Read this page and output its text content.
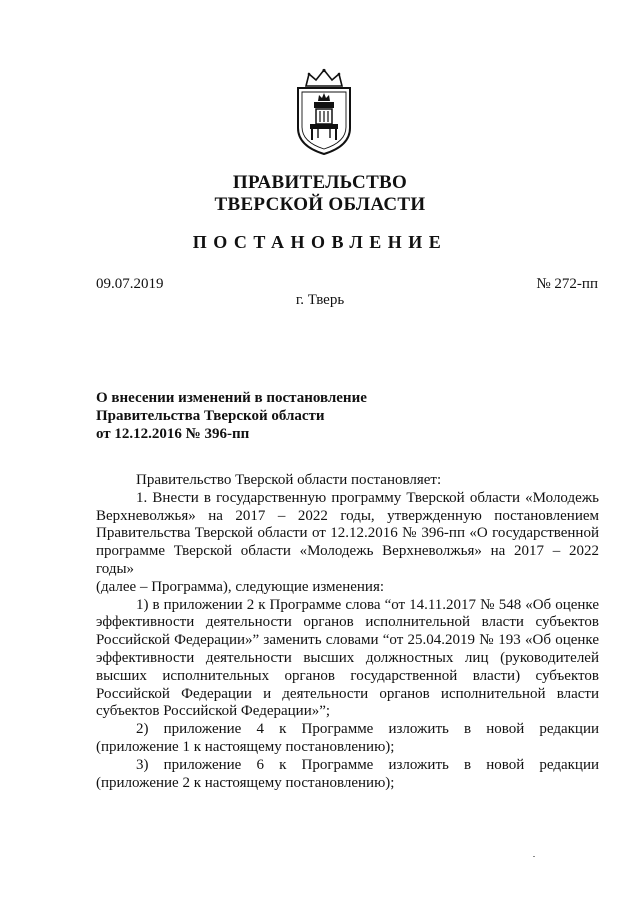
ПРАВИТЕЛЬСТВО
ТВЕРСКОЙ ОБЛАСТИ
ПОСТАНОВЛЕНИЕ
09.07.2019	№ 272-пп
г. Тверь
О внесении изменений в постановление
Правительства Тверской области
от 12.12.2016 № 396-пп

Правительство Тверской области постановляет:

1. Внести в государственную программу Тверской области «Молодежь
Верхневолжья» на 2017 – 2022 годы, утвержденную постановлением
Правительства Тверской области от 12.12.2016 № 396-пп «О государственной
программе Тверской области «Молодежь Верхневолжья» на 2017 – 2022 годы»
(далее – Программа), следующие изменения:

1) в приложении 2 к Программе слова “от 14.11.2017 № 548 «Об оценке
эффективности деятельности органов исполнительной власти субъектов
Российской Федерации»” заменить словами “от 25.04.2019 № 193 «Об оценке
эффективности деятельности высших должностных лиц (руководителей
высших исполнительных органов государственной власти) субъектов
Российской Федерации и деятельности органов исполнительной власти
субъектов Российской Федерации»”;

2) приложение 4 к Программе изложить в новой редакции
(приложение 1 к настоящему постановлению);

3) приложение 6 к Программе изложить в новой редакции
(приложение 2 к настоящему постановлению);
